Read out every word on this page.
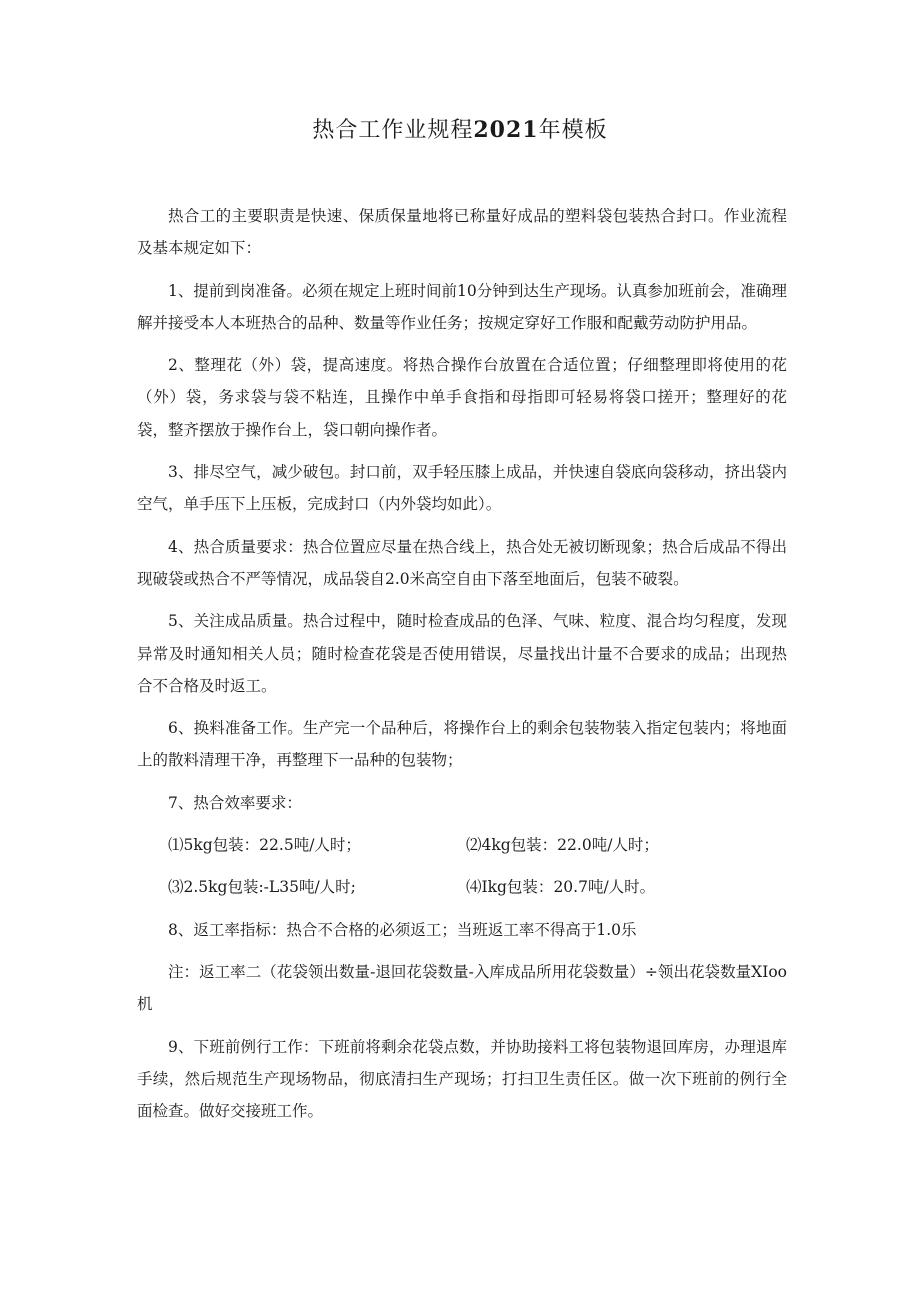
热合工作业规程2021年模板

热合工的主要职责是快速、保质保量地将已称量好成品的塑料袋包装热合封口。作业流程及基本规定如下：

1、提前到岗准备。必须在规定上班时间前10分钟到达生产现场。认真参加班前会，准确理解并接受本人本班热合的品种、数量等作业任务；按规定穿好工作服和配戴劳动防护用品。

2、整理花（外）袋，提高速度。将热合操作台放置在合适位置；仔细整理即将使用的花（外）袋，务求袋与袋不粘连，且操作中单手食指和母指即可轻易将袋口搓开；整理好的花袋，整齐摆放于操作台上，袋口朝向操作者。

3、排尽空气，减少破包。封口前，双手轻压膝上成品，并快速自袋底向袋移动，挤出袋内空气，单手压下上压板，完成封口（内外袋均如此）。

4、热合质量要求：热合位置应尽量在热合线上，热合处无被切断现象；热合后成品不得出现破袋或热合不严等情况，成品袋自2.0米高空自由下落至地面后，包装不破裂。

5、关注成品质量。热合过程中，随时检查成品的色泽、气味、粒度、混合均匀程度，发现异常及时通知相关人员；随时检查花袋是否使用错误，尽量找出计量不合要求的成品；出现热合不合格及时返工。

6、换料准备工作。生产完一个品种后，将操作台上的剩余包装物装入指定包装内；将地面上的散料清理干净，再整理下一品种的包装物；

7、热合效率要求：

⑴5kg包装：22.5吨/人时；	⑵4kg包装：22.0吨/人时；
⑶2.5kg包装:-L35吨/人时;	⑷Ikg包装：20.7吨/人时。

8、返工率指标：热合不合格的必须返工；当班返工率不得高于1.0乐

注：返工率二（花袋领出数量-退回花袋数量-入库成品所用花袋数量）÷领出花袋数量XIoo机

9、下班前例行工作：下班前将剩余花袋点数，并协助接料工将包装物退回库房，办理退库手续，然后规范生产现场物品，彻底清扫生产现场；打扫卫生责任区。做一次下班前的例行全面检查。做好交接班工作。
